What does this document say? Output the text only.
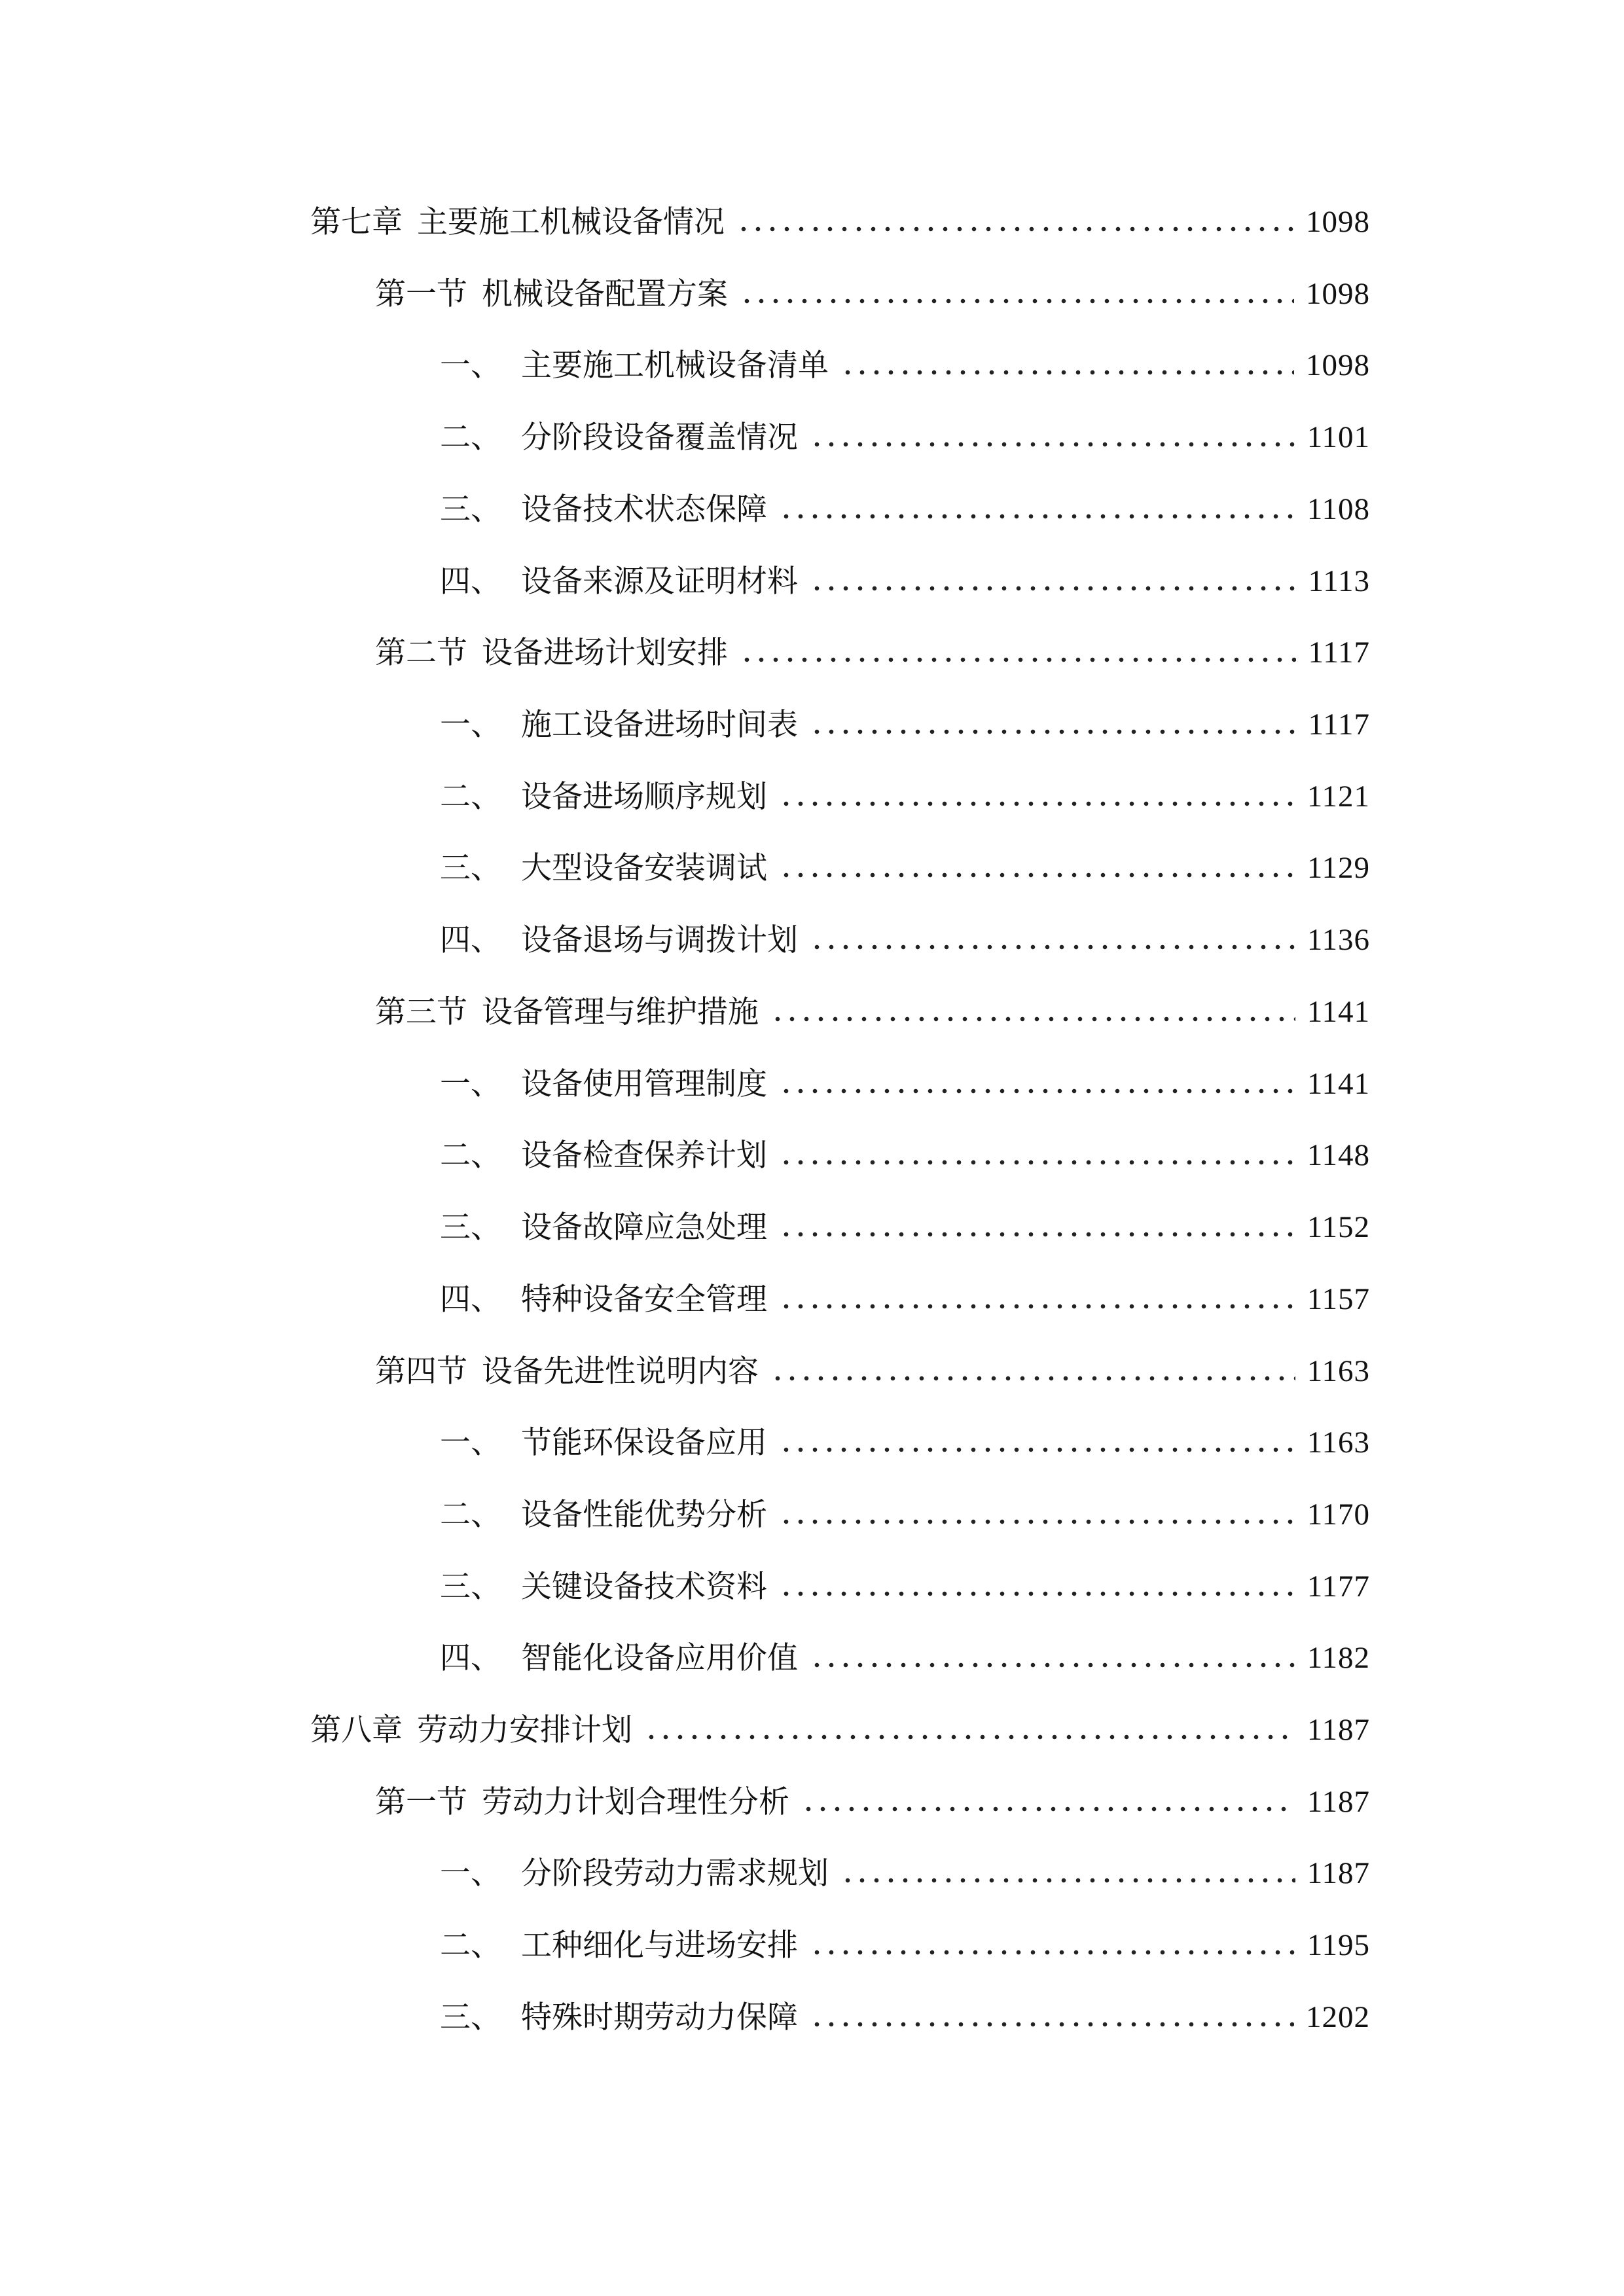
第七章 主要施工机械设备情况	1098
第一节 机械设备配置方案	1098
一、 主要施工机械设备清单	1098
二、 分阶段设备覆盖情况	1101
三、 设备技术状态保障	1108
四、 设备来源及证明材料	1113
第二节 设备进场计划安排	1117
一、 施工设备进场时间表	1117
二、 设备进场顺序规划	1121
三、 大型设备安装调试	1129
四、 设备退场与调拨计划	1136
第三节 设备管理与维护措施	1141
一、 设备使用管理制度	1141
二、 设备检查保养计划	1148
三、 设备故障应急处理	1152
四、 特种设备安全管理	1157
第四节 设备先进性说明内容	1163
一、 节能环保设备应用	1163
二、 设备性能优势分析	1170
三、 关键设备技术资料	1177
四、 智能化设备应用价值	1182
第八章 劳动力安排计划	1187
第一节 劳动力计划合理性分析	1187
一、 分阶段劳动力需求规划	1187
二、 工种细化与进场安排	1195
三、 特殊时期劳动力保障	1202
